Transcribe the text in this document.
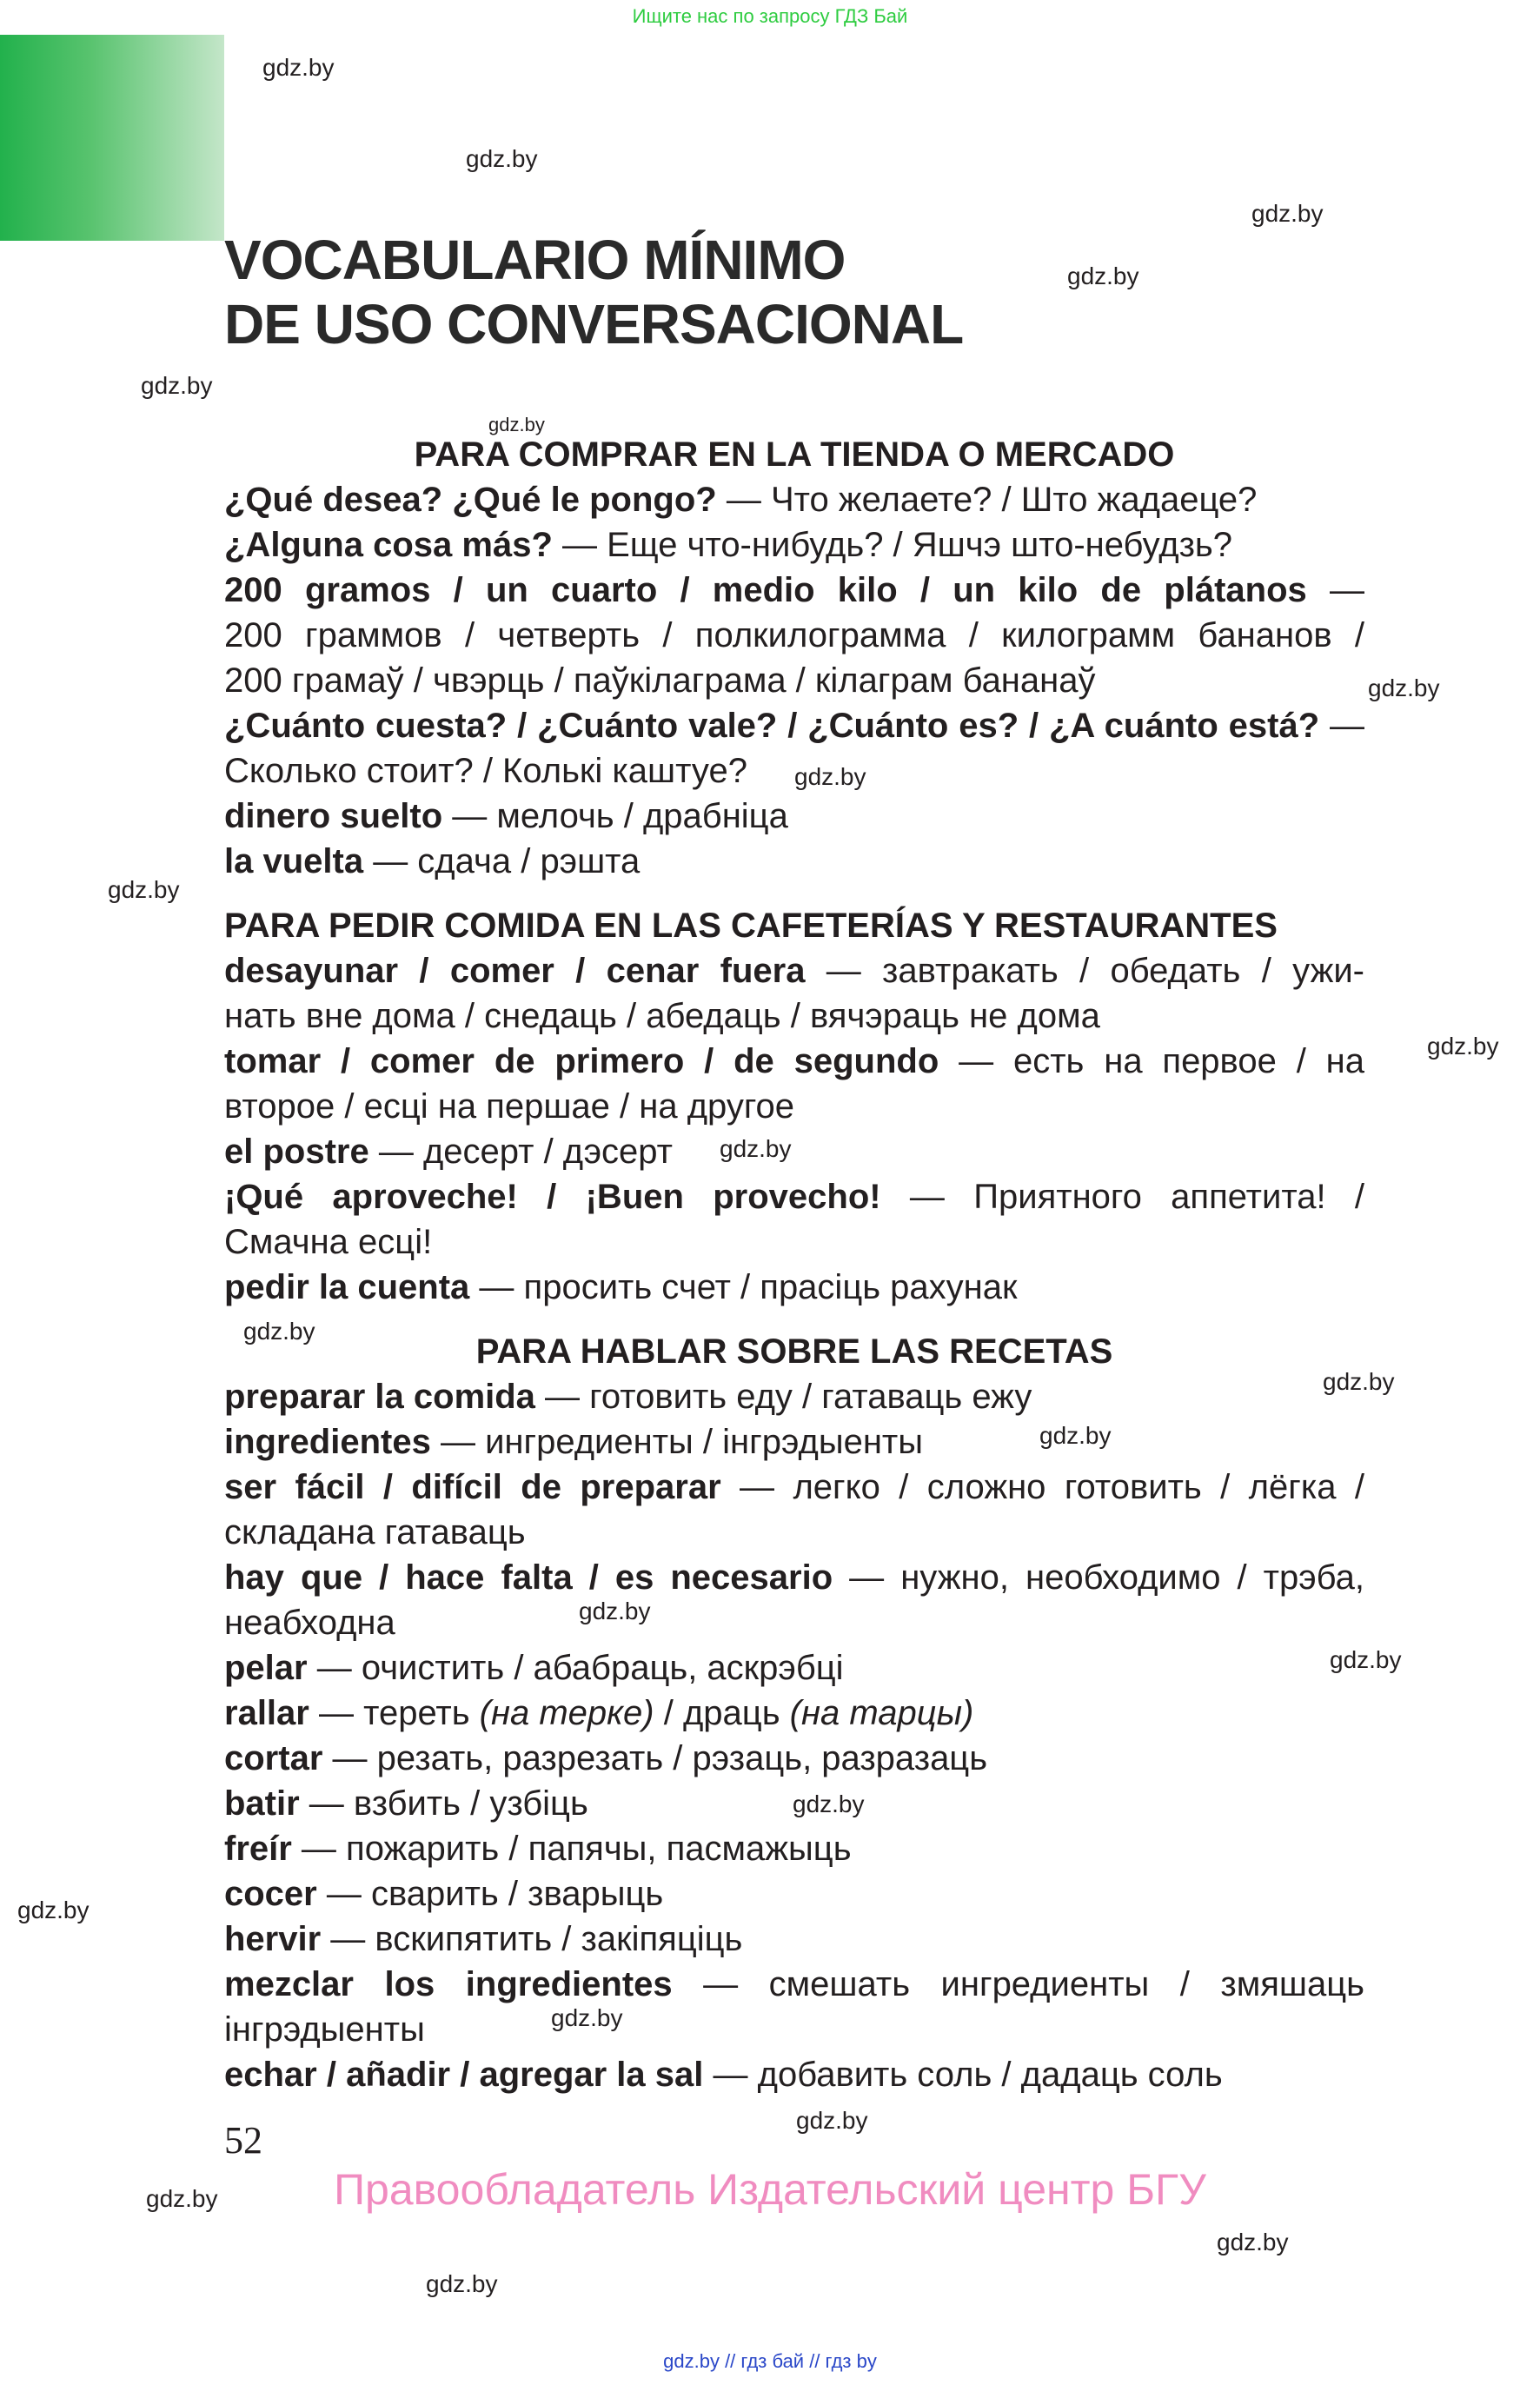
Ищите нас по запросу ГДЗ Бай
gdz.by
gdz.by
gdz.by
gdz.by
gdz.by
gdz.by
gdz.by
gdz.by
gdz.by
gdz.by
gdz.by
gdz.by
gdz.by
gdz.by
gdz.by
gdz.by
gdz.by
gdz.by
gdz.by
gdz.by
gdz.by
gdz.by
gdz.by
VOCABULARIO MÍNIMO
DE USO CONVERSACIONAL
PARA COMPRAR EN LA TIENDA O MERCADO
¿Qué desea? ¿Qué le pongo? — Что желаете? / Што жадаеце?
¿Alguna cosa más? — Еще что-нибудь? / Яшчэ што-небудзь?
200 gramos / un cuarto / medio kilo / un kilo de plátanos —
200 граммов / четверть / полкилограмма / килограмм бананов /
200 грамаў / чвэрць / паўкілаграма / кілаграм бананаў
¿Cuánto cuesta? / ¿Cuánto vale? / ¿Cuánto es? / ¿A cuánto está? —
Сколько стоит? / Колькі каштуе?
dinero suelto — мелочь / драбніца
la vuelta — сдача / рэшта
PARA PEDIR COMIDA EN LAS CAFETERÍAS Y RESTAURANTES
desayunar / comer / cenar fuera — завтракать / обедать / ужи-
нать вне дома / снедаць / абедаць / вячэраць не дома
tomar / comer de primero / de segundo — есть на первое / на
второе / есці на першае / на другое
el postre — десерт / дэсерт
¡Qué aproveche! / ¡Buen provecho! — Приятного аппетита! /
Смачна есці!
pedir la cuenta — просить счет / прасіць рахунак
PARA HABLAR SOBRE LAS RECETAS
preparar la comida — готовить еду / гатаваць ежу
ingredientes — ингредиенты / інгрэдыенты
ser fácil / difícil de preparar — легко / сложно готовить / лёгка /
складана гатаваць
hay que / hace falta / es necesario — нужно, необходимо / трэба,
неабходна
pelar — очистить / абабраць, аскрэбці
rallar — тереть (на терке) / драць (на тарцы)
cortar — резать, разрезать / рэзаць, разразаць
batir — взбить / узбіць
freír — пожарить / папячы, пасмажыць
cocer — сварить / зварыць
hervir — вскипятить / закіпяціць
mezclar los ingredientes — смешать ингредиенты / змяшаць
інгрэдыенты
echar / añadir / agregar la sal — добавить соль / дадаць соль
52
Правообладатель Издательский центр БГУ
gdz.by // гдз бай // гдз by
